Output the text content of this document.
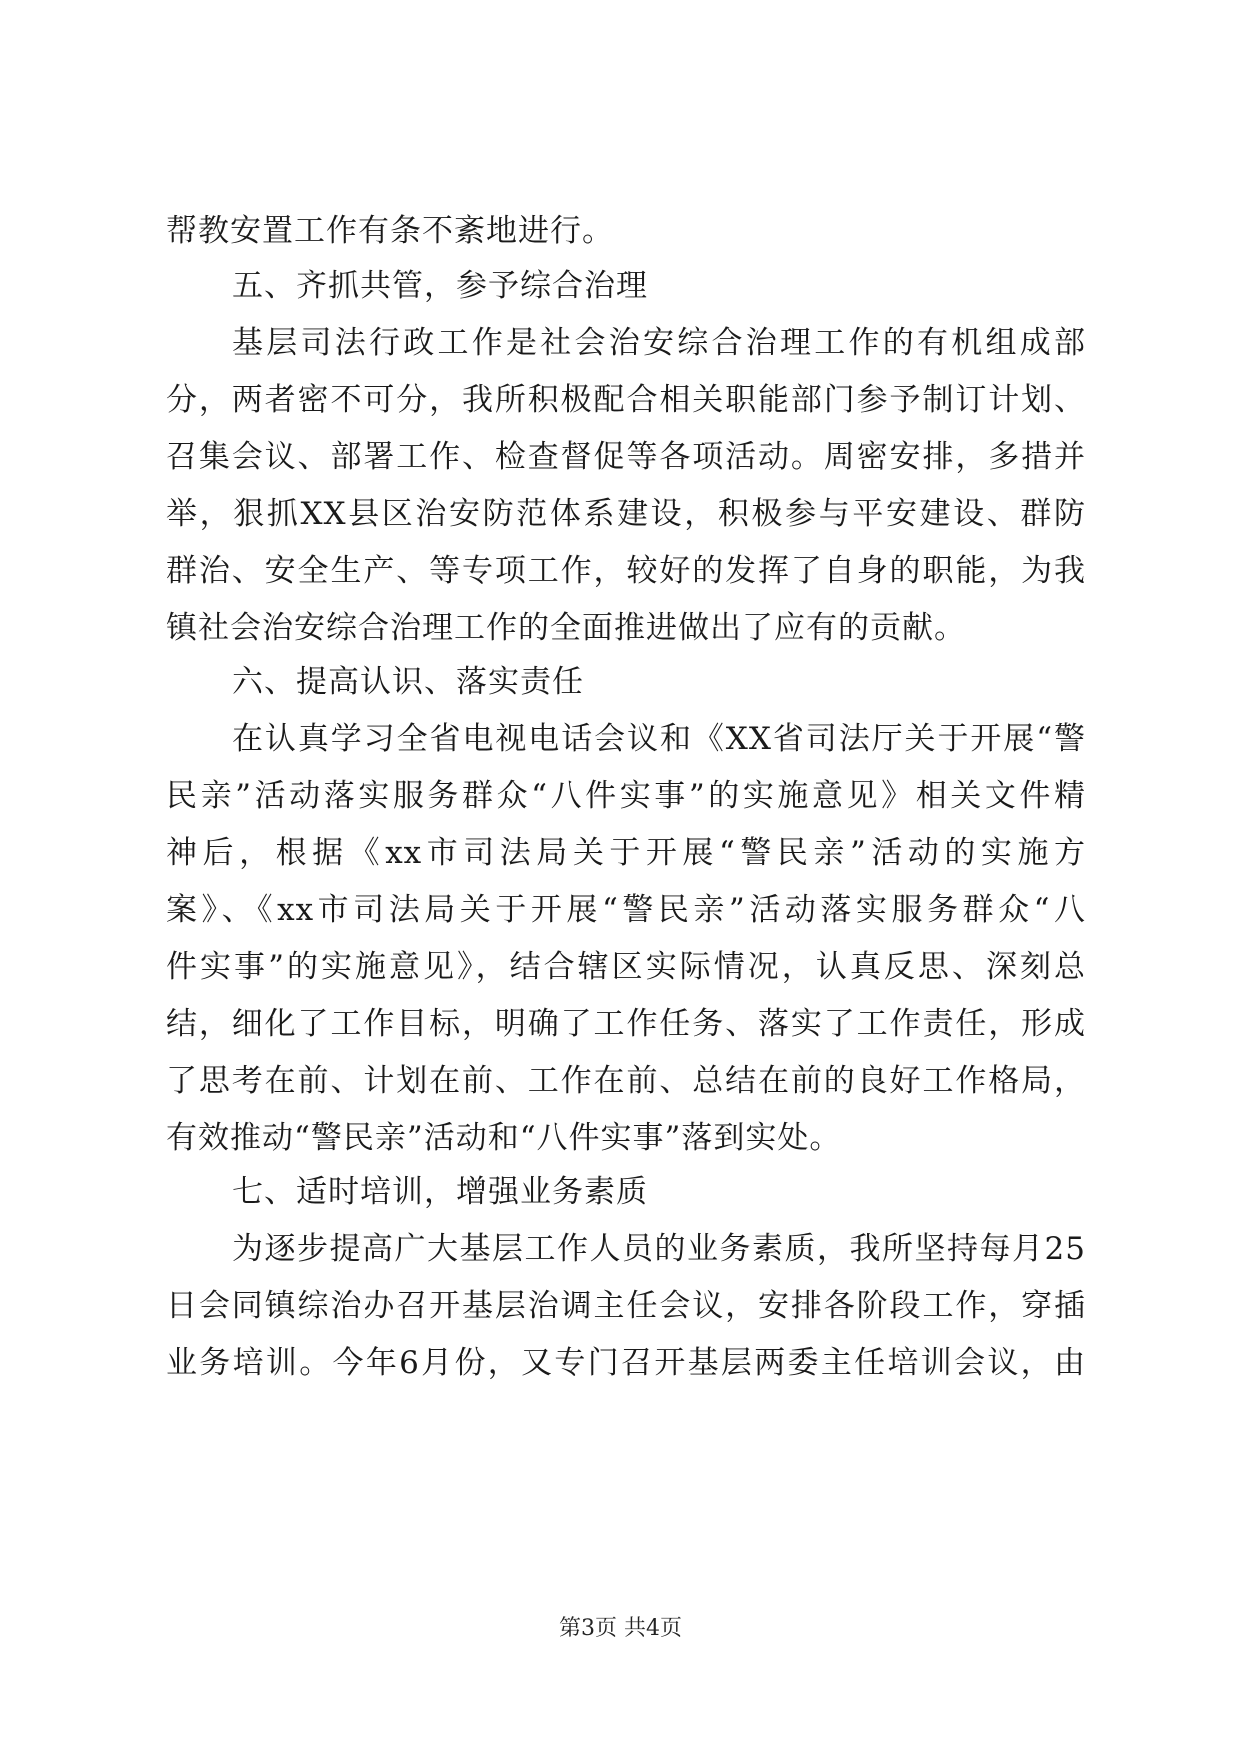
帮教安置工作有条不紊地进行。
五、齐抓共管，参予综合治理
基层司法行政工作是社会治安综合治理工作的有机组成部
分，两者密不可分，我所积极配合相关职能部门参予制订计划、
召集会议、部署工作、检查督促等各项活动。周密安排，多措并
举，狠抓XX县区治安防范体系建设，积极参与平安建设、群防
群治、安全生产、等专项工作，较好的发挥了自身的职能，为我
镇社会治安综合治理工作的全面推进做出了应有的贡献。
六、提高认识、落实责任
在认真学习全省电视电话会议和《XX省司法厅关于开展“警
民亲”活动落实服务群众“八件实事”的实施意见》相关文件精
神后，根据《xx市司法局关于开展“警民亲”活动的实施方
案》、《xx市司法局关于开展“警民亲”活动落实服务群众“八
件实事”的实施意见》，结合辖区实际情况，认真反思、深刻总
结，细化了工作目标，明确了工作任务、落实了工作责任，形成
了思考在前、计划在前、工作在前、总结在前的良好工作格局，
有效推动“警民亲”活动和“八件实事”落到实处。
七、适时培训，增强业务素质
为逐步提高广大基层工作人员的业务素质，我所坚持每月25
日会同镇综治办召开基层治调主任会议，安排各阶段工作，穿插
业务培训。今年6月份，又专门召开基层两委主任培训会议，由
第3页 共4页
